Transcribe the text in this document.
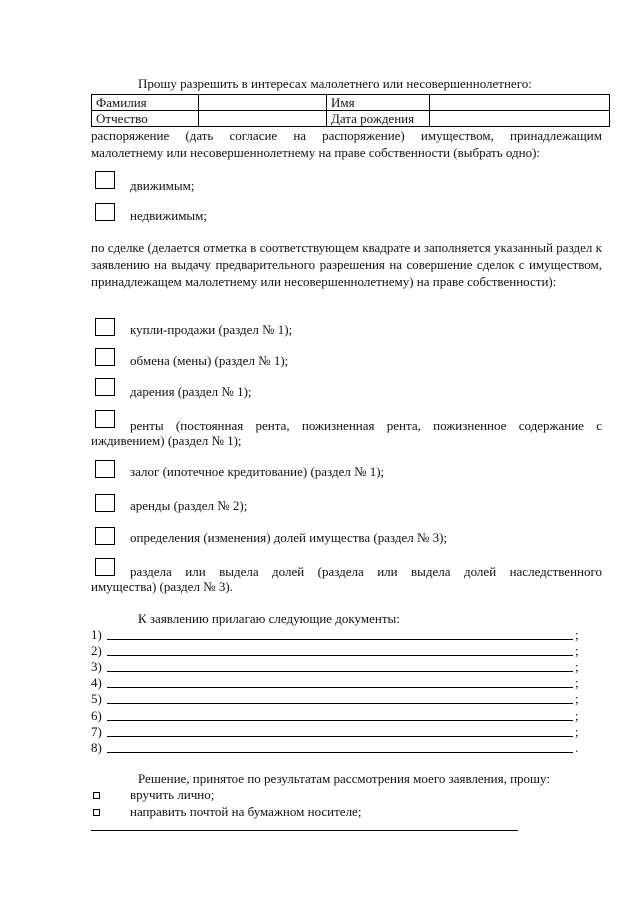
Прошу разрешить в интересах малолетнего или несовершеннолетнего:
Фамилия		Имя	
Отчество		Дата рождения	
распоряжение (дать согласие на распоряжение) имуществом, принадлежащим
малолетнему или несовершеннолетнему на праве собственности (выбрать одно):
движимым;
недвижимым;
по сделке (делается отметка в соответствующем квадрате и заполняется указанный раздел к заявлению на выдачу предварительного разрешения на совершение сделок с имуществом, принадлежащем малолетнему или несовершеннолетнему) на праве собственности):
купли-продажи (раздел № 1);
обмена (мены) (раздел № 1);
дарения (раздел № 1);
ренты (постоянная рента, пожизненная рента, пожизненное содержание с
иждивением) (раздел № 1);
залог (ипотечное кредитование) (раздел № 1);
аренды (раздел № 2);
определения (изменения) долей имущества (раздел № 3);
раздела или выдела долей (раздела или выдела долей наследственного
имущества) (раздел № 3).
К заявлению прилагаю следующие документы:
1)	;
2)	;
3)	;
4)	;
5)	;
6)	;
7)	;
8)	.
Решение, принятое по результатам рассмотрения моего заявления, прошу:
вручить лично;
направить почтой на бумажном носителе;
